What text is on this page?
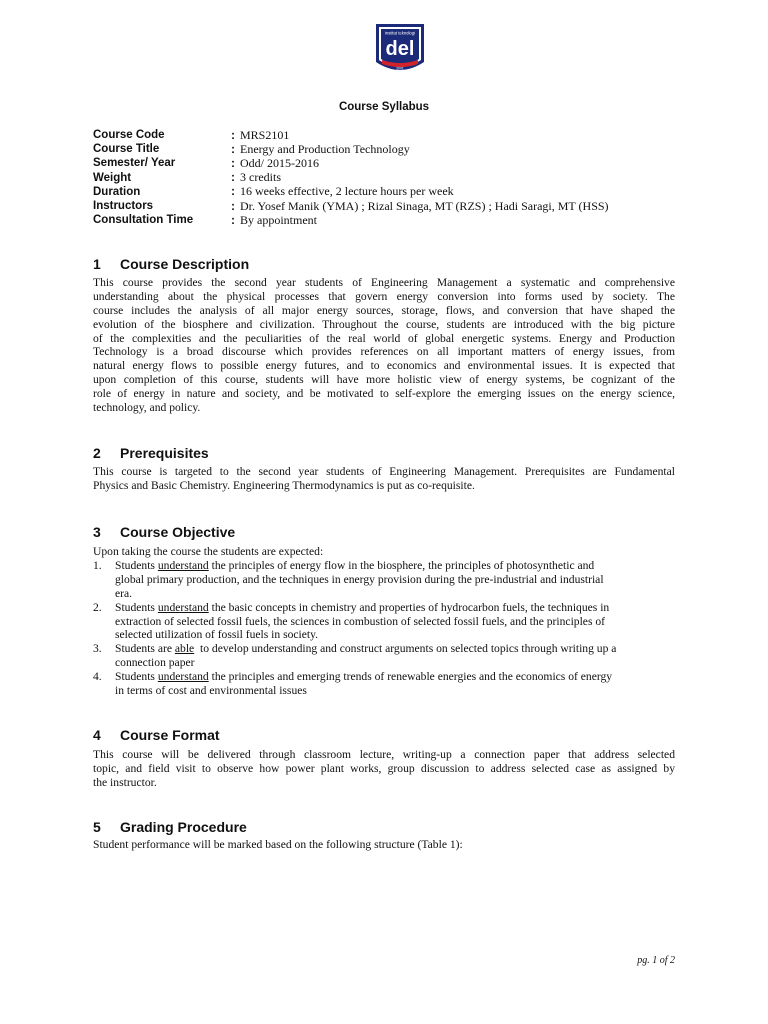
institut teknologi
del
2001
Course Syllabus
Course Code	: MRS2101
Course Title	: Energy and Production Technology
Semester/ Year	: Odd/ 2015-2016
Weight	: 3 credits
Duration	: 16 weeks effective, 2 lecture hours per week
Instructors	: Dr. Yosef Manik (YMA) ; Rizal Sinaga, MT (RZS) ; Hadi Saragi, MT (HSS)
Consultation Time	: By appointment
1 Course Description
This course provides the second year students of Engineering Management a systematic and comprehensive
understanding about the physical processes that govern energy conversion into forms used by society. The
course includes the analysis of all major energy sources, storage, flows, and conversion that have shaped the
evolution of the biosphere and civilization. Throughout the course, students are introduced with the big picture
of the complexities and the peculiarities of the real world of global energetic systems. Energy and Production
Technology is a broad discourse which provides references on all important matters of energy issues, from
natural energy flows to possible energy futures, and to economics and environmental issues. It is expected that
upon completion of this course, students will have more holistic view of energy systems, be cognizant of the
role of energy in nature and society, and be motivated to self-explore the emerging issues on the energy science,
technology, and policy.
2 Prerequisites
This course is targeted to the second year students of Engineering Management. Prerequisites are Fundamental
Physics and Basic Chemistry. Engineering Thermodynamics is put as co-requisite.
3 Course Objective
Upon taking the course the students are expected:
1. Students understand the principles of energy flow in the biosphere, the principles of photosynthetic and
global primary production, and the techniques in energy provision during the pre-industrial and industrial
era.
2. Students understand the basic concepts in chemistry and properties of hydrocarbon fuels, the techniques in
extraction of selected fossil fuels, the sciences in combustion of selected fossil fuels, and the principles of
selected utilization of fossil fuels in society.
3. Students are able  to develop understanding and construct arguments on selected topics through writing up a
connection paper
4. Students understand the principles and emerging trends of renewable energies and the economics of energy
in terms of cost and environmental issues
4 Course Format
This course will be delivered through classroom lecture, writing-up a connection paper that address selected
topic, and field visit to observe how power plant works, group discussion to address selected case as assigned by
the instructor.
5 Grading Procedure
Student performance will be marked based on the following structure (Table 1):
pg. 1 of 2
